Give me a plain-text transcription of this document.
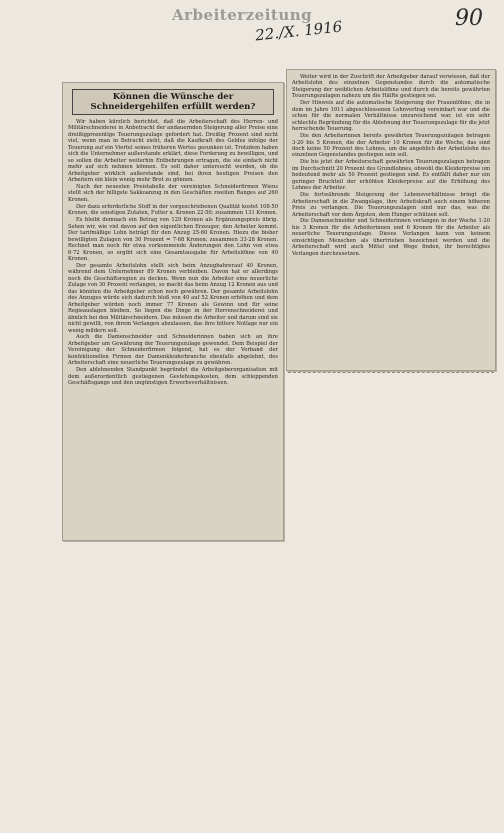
Arbeiterzeitung
22./X. 1916	90
Können die Wünsche der Schneidergehilfen erfüllt werden?

Wir haben kürzlich berichtet, daß die Arbeiterschaft des Herren- und Militärschneiderei in Anbetracht der andauernden Steigerung aller Preise eine dreißigprozentige Teuerungszulage gefordert hat. Dreißig Prozent sind nicht viel, wenn man in Betracht zieht, daß die Kaufkraft des Geldes infolge der Teuerung auf ein Viertel seines früheren Wertes gesunken ist. Trotzdem haben sich die Unternehmer außerstande erklärt, diese Forderung zu bewilligen, und so sollen die Arbeiter weiterhin Entbehrungen ertragen, die sie einfach nicht mehr auf sich nehmen können. Es soll daher untersucht werden, ob die Arbeitgeber wirklich außerstande sind, bei ihren heutigen Preisen den Arbeitern ein klein wenig mehr Brot zu gönnen.

Nach der neuesten Preistabelle der vereinigten Schneiderfirmen Wiens stellt sich der billigste Sakkoanzug in den Geschäften zweiten Ranges auf 260 Kronen.

Der dazu erforderliche Stoff in der vorgeschriebenen Qualität kostet 108·50 Kronen, die sonstigen Zutaten, Futter u. Kronen 22·50; zusammen 131 Kronen.

Es bleibt demnach ein Betrag von 129 Kronen als Ergänzungspreis übrig. Sehen wir, wie viel davon auf den eigentlichen Erzeuger, den Arbeiter kommt. Der tarifmäßige Lohn beträgt für den Anzug 25·60 Kronen. Hiezu die bisher bewilligten Zulagen von 30 Prozent = 7·68 Kronen; zusammen 33·28 Kronen. Rechnet man noch für etwa vorkommende Änderungen den Lohn von etwa 6·72 Kronen, so ergibt sich eine Gesamtausgabe für Arbeitslöhne von 40 Kronen.

Der gesamte Arbeitslohn stellt sich beim Anzugbahrerauf 40 Kronen, während dem Unternehmer 89 Kronen verbleiben. Davon hat er allerdings noch die Geschäftsregien zu decken. Wenn nun die Arbeiter eine neuerliche Zulage von 30 Prozent verlangen, so macht das beim Anzug 12 Kronen aus und das könnten die Arbeitgeber schon noch gewähren. Der gesamte Arbeitslohn des Anzuges würde sich dadurch bloß von 40 auf 52 Kronen erhöhen und dem Arbeitgeber würden noch immer 77 Kronen als Gewinn und für seine Regieauslagen bleiben. So liegen die Dinge in der Herrenschneiderei und ähnlich bei den Militärschneidern. Das müssen die Arbeiter und darum sind sie nicht gewillt, von ihrem Verlangen abzulassen, das ihre bittere Notlage nur ein wenig mildern soll.

Auch die Damenschneider und Schneiderinnen haben sich an ihre Arbeitgeber um Gewährung der Teuerungszulage gewendet. Dem Beispiel der Vereinigung der Schneiderfirmen folgend, hat es der Verband der konfektionellen Firmen der Damenkleiderbranche ebenfalls abgelehnt, des Arbeiterschaft eine neuerliche Teuerungszulage zu gewähren.

Den ablehnenden Standpunkt begründet die Arbeitgeberorganisation mit dem außerordentlich gestiegenen Gestehungskosten, dem schleppenden Geschäftsgange und den ungünstigen Erwerbsverhältnissen.

Weiter wird in der Zuschrift der Arbeitgeber darauf verwiesen, daß der Arbeitslohn des einzelnen Gegenstandes durch die automatische Steigerung der weiblichen Arbeitslöhne und durch die bereits gewährten Teuerungszulagen nahezu um die Hälfte gestiegen sei.

Der Hinweis auf die automatische Steigerung der Frauenlöhne, die in dem im Jahre 1911 abgeschlossenen Lohnvertrag vereinbart war und die schon für die normalen Verhältnisse unzureichend war, ist ein sehr schlechte Begründung für die Ablehnung der Teuerungszulage für die jetzt herrschende Teuerung.

Die den Arbeiterinnen bereits gewährten Teuerungszulagen betragen 3·20 bis 5 Kronen, die der Arbeiter 10 Kronen für die Woche, das sind doch keine 50 Prozent des Lohnes, um die angeblich der Arbeitslohn des einzelnen Gegenstandes gestiegen sein soll.

Die bis jetzt der Arbeiterschaft gewährten Teuerungszulagen betragen im Durchschnitt 20 Prozent des Grundlohnes, obwohl die Kleiderpreise um bedeutend mehr als 50 Prozent gestiegen sind. Es entfällt daher nur ein geringer Bruchteil der erhöhten Kleiderpreise auf die Erhöhung des Lohnes der Arbeiter.

Die fortwährende Steigerung der Lebensverhältnisse bringt die Arbeiterschaft in die Zwangslage, ihre Arbeitskraft auch einem höheren Preis zu verlangen. Die Teuerungszulagen sind nur das, was die Arbeiterschaft vor dem Ärgsten, dem Hunger schützen soll.

Die Damenschneider und Schneiderinnen verlangen in der Woche 1·20 bis 3 Kronen für die Arbeiterinnen und 6 Kronen für die Arbeiter als neuerliche Teuerungszulage. Dieses Verlangen kann von keinem einsichtigen Menschen als übertrieben bezeichnet werden und die Arbeiterschaft wird auch Mittel und Wege finden, ihr berechtigtes Verlangen durchzusetzen.
